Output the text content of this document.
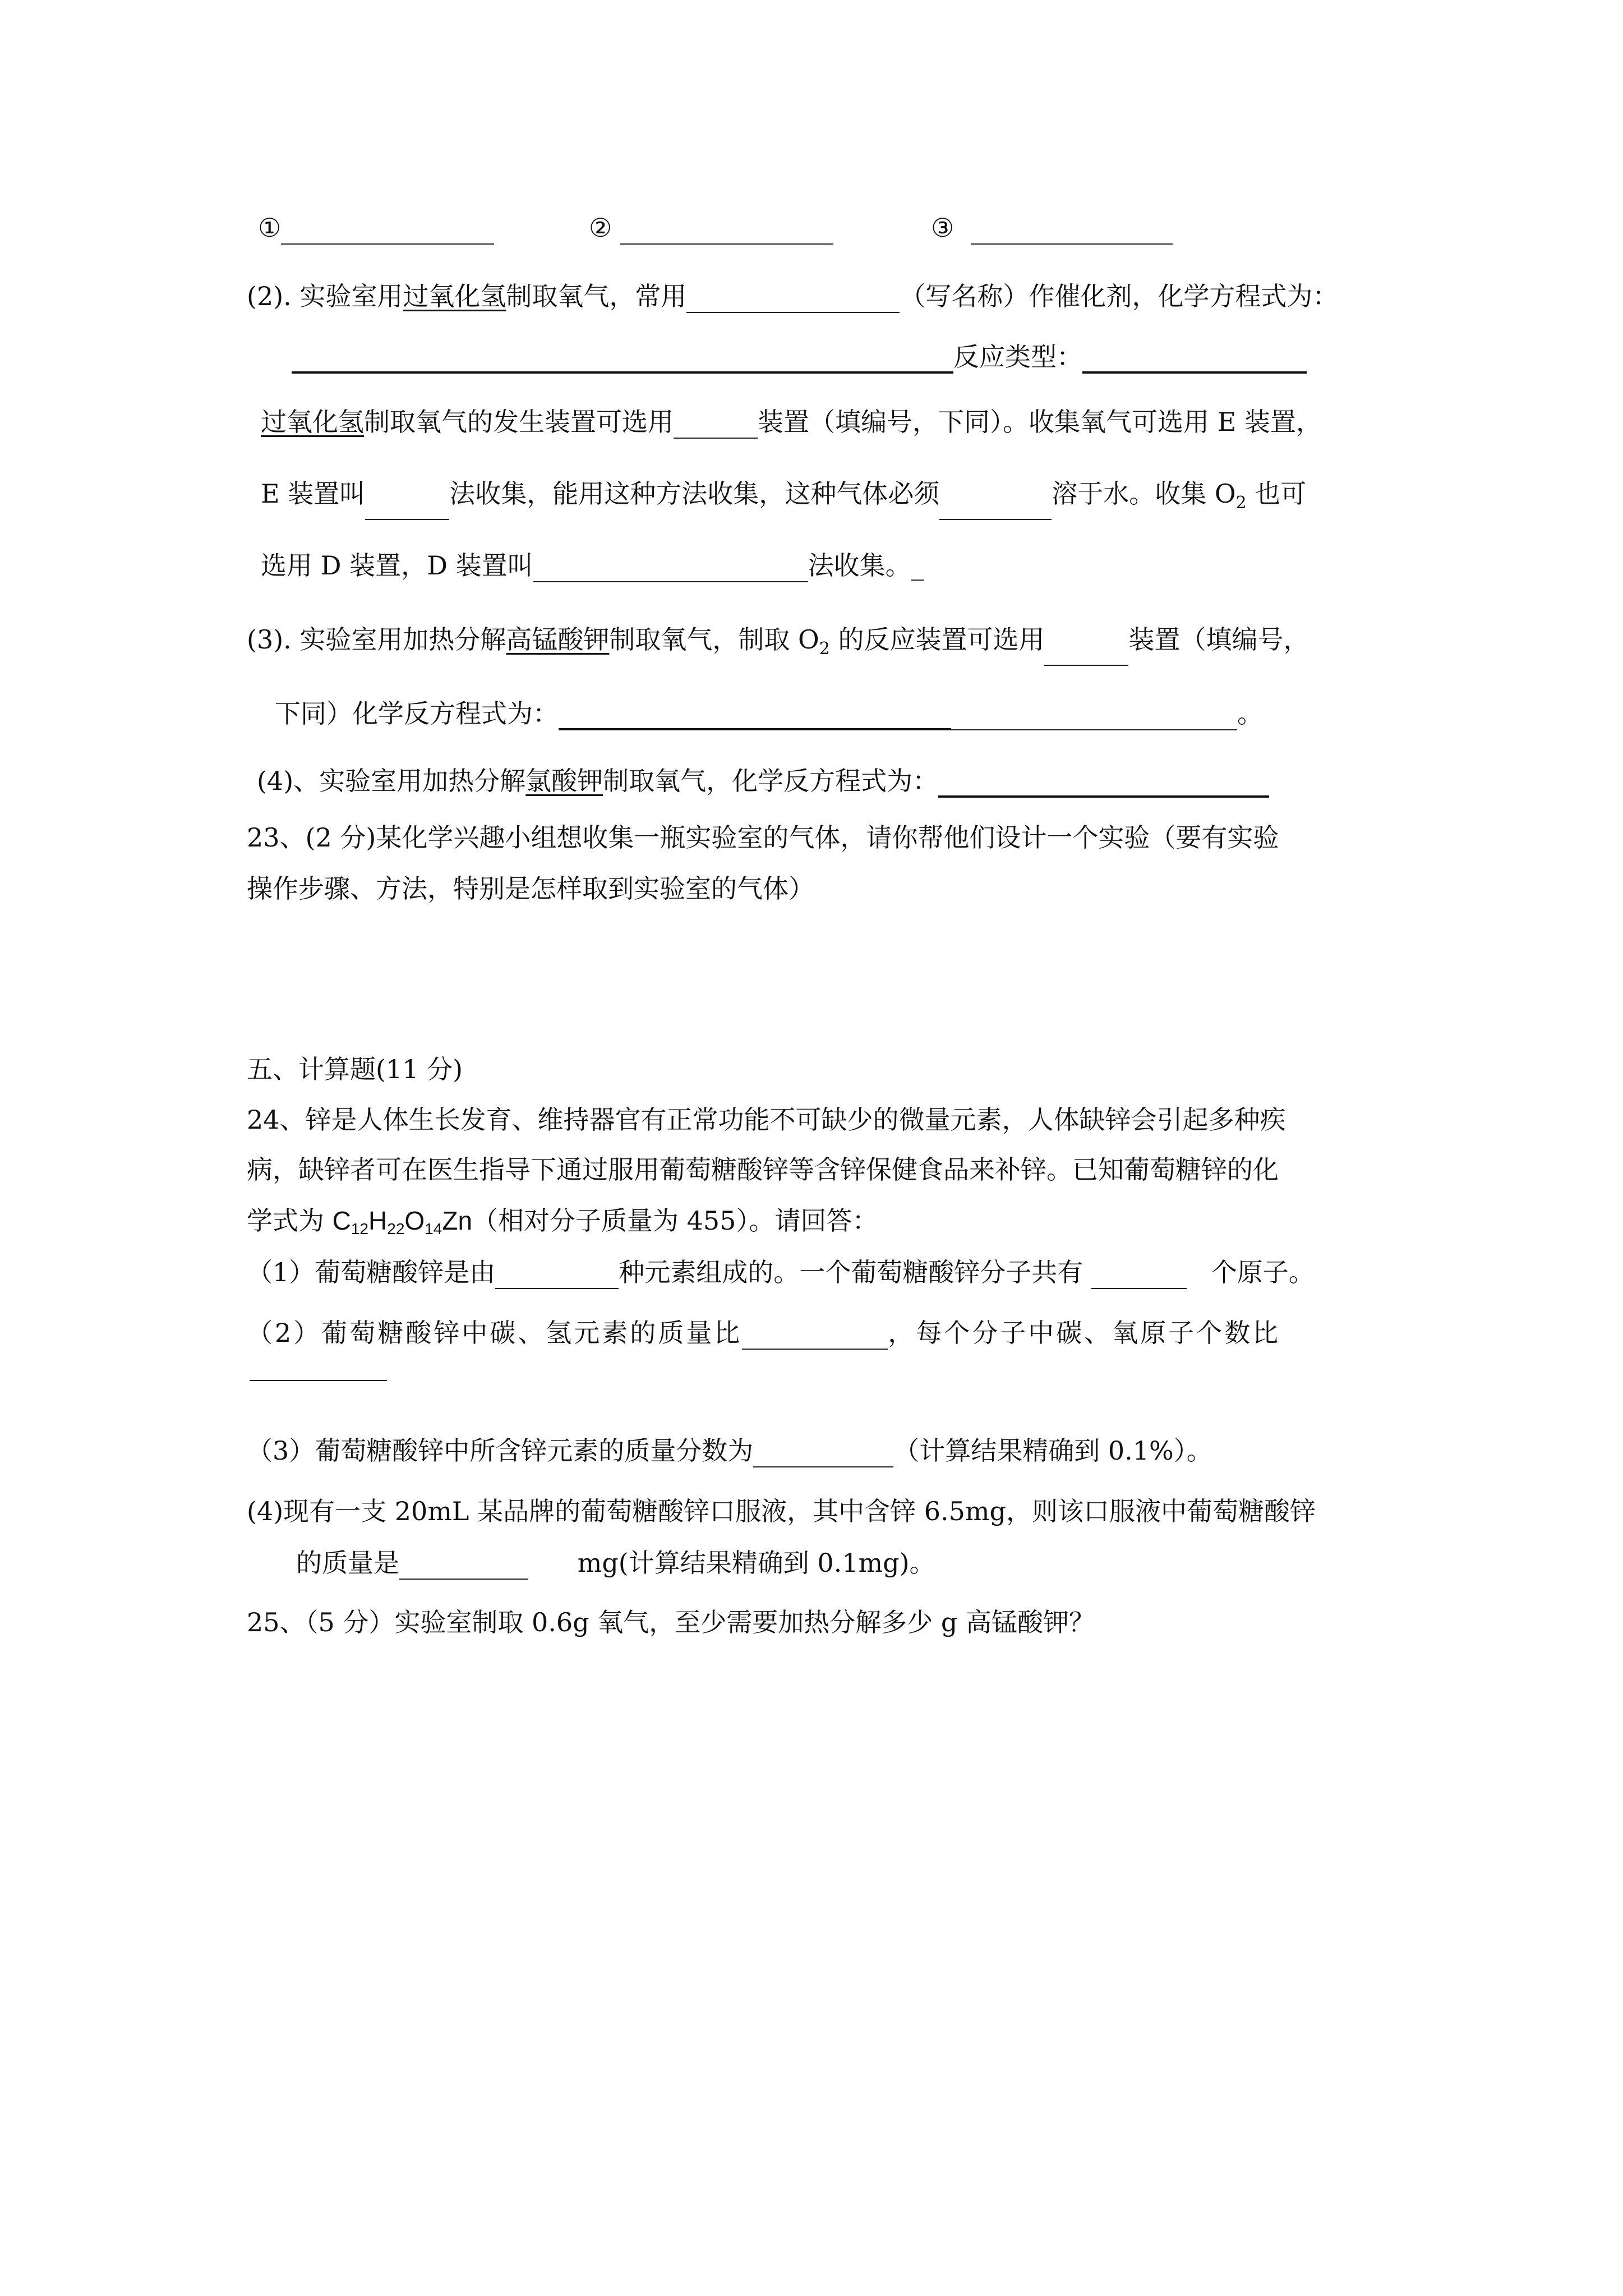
①	②	③
(2). 实验室用过氧化氢制取氧气，常用	（写名称）作催化剂，化学方程式为：
反应类型：
过氧化氢制取氧气的发生装置可选用	装置（填编号，下同）。收集氧气可选用 E 装置，
E 装置叫	法收集，能用这种方法收集，这种气体必须	溶于水。收集 $O_2$ 也可
选用 D 装置，D 装置叫	法收集。_
(3). 实验室用加热分解高锰酸钾制取氧气，制取 $O_2$ 的反应装置可选用	装置（填编号，
下同）化学反方程式为：	。
(4)、实验室用加热分解氯酸钾制取氧气，化学反方程式为：
23、(2 分)某化学兴趣小组想收集一瓶实验室的气体，请你帮他们设计一个实验（要有实验
操作步骤、方法，特别是怎样取到实验室的气体）
五、计算题(11 分)
24、锌是人体生长发育、维持器官有正常功能不可缺少的微量元素，人体缺锌会引起多种疾
病，缺锌者可在医生指导下通过服用葡萄糖酸锌等含锌保健食品来补锌。已知葡萄糖锌的化
学式为 C12H22O14Zn（相对分子质量为 455）。请回答：
（1）葡萄糖酸锌是由	种元素组成的。一个葡萄糖酸锌分子共有	个原子。
（2）葡萄糖酸锌中碳、氢元素的质量比	，每个分子中碳、氧原子个数比
（3）葡萄糖酸锌中所含锌元素的质量分数为	（计算结果精确到 0.1%）。
(4)现有一支 20mL 某品牌的葡萄糖酸锌口服液，其中含锌 6.5mg，则该口服液中葡萄糖酸锌
的质量是	mg(计算结果精确到 0.1mg)。
25、（5 分）实验室制取 0.6g 氧气，至少需要加热分解多少 g 高锰酸钾？
